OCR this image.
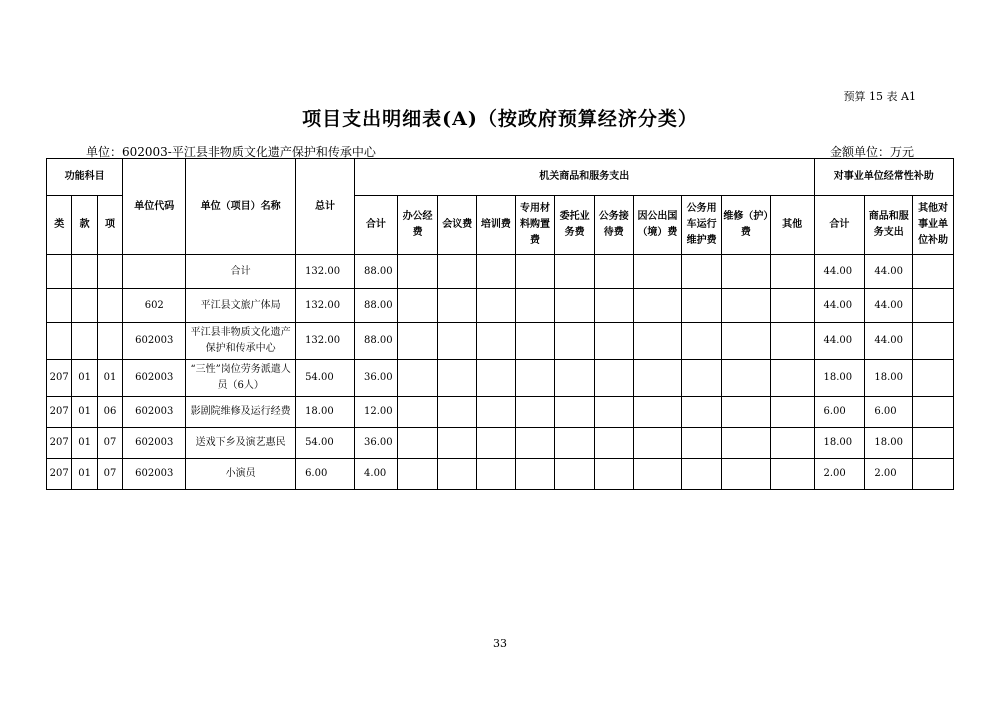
预算 15 表 A1
项目支出明细表(A)（按政府预算经济分类）
单位：602003-平江县非物质文化遗产保护和传承中心	金额单位：万元
功能科目			单位代码	单位（项目）名称	总计	机关商品和服务支出											对事业单位经常性补助		
类	款	项				合计	办公经费	会议费	培训费	专用材料购置费	委托业务费	公务接待费	因公出国（境）费	公务用车运行维护费	维修（护）费	其他	合计	商品和服务支出	其他对事业单位补助
				合计	132.00	88.00											44.00	44.00	
			602	平江县文旅广体局	132.00	88.00											44.00	44.00	
			602003	平江县非物质文化遗产保护和传承中心	132.00	88.00											44.00	44.00	
207	01	01	602003	“三性”岗位劳务派遣人员（6人）	54.00	36.00											18.00	18.00	
207	01	06	602003	影剧院维修及运行经费	18.00	12.00											6.00	6.00	
207	01	07	602003	送戏下乡及演艺惠民	54.00	36.00											18.00	18.00	
207	01	07	602003	小演员	6.00	4.00											2.00	2.00	
33
